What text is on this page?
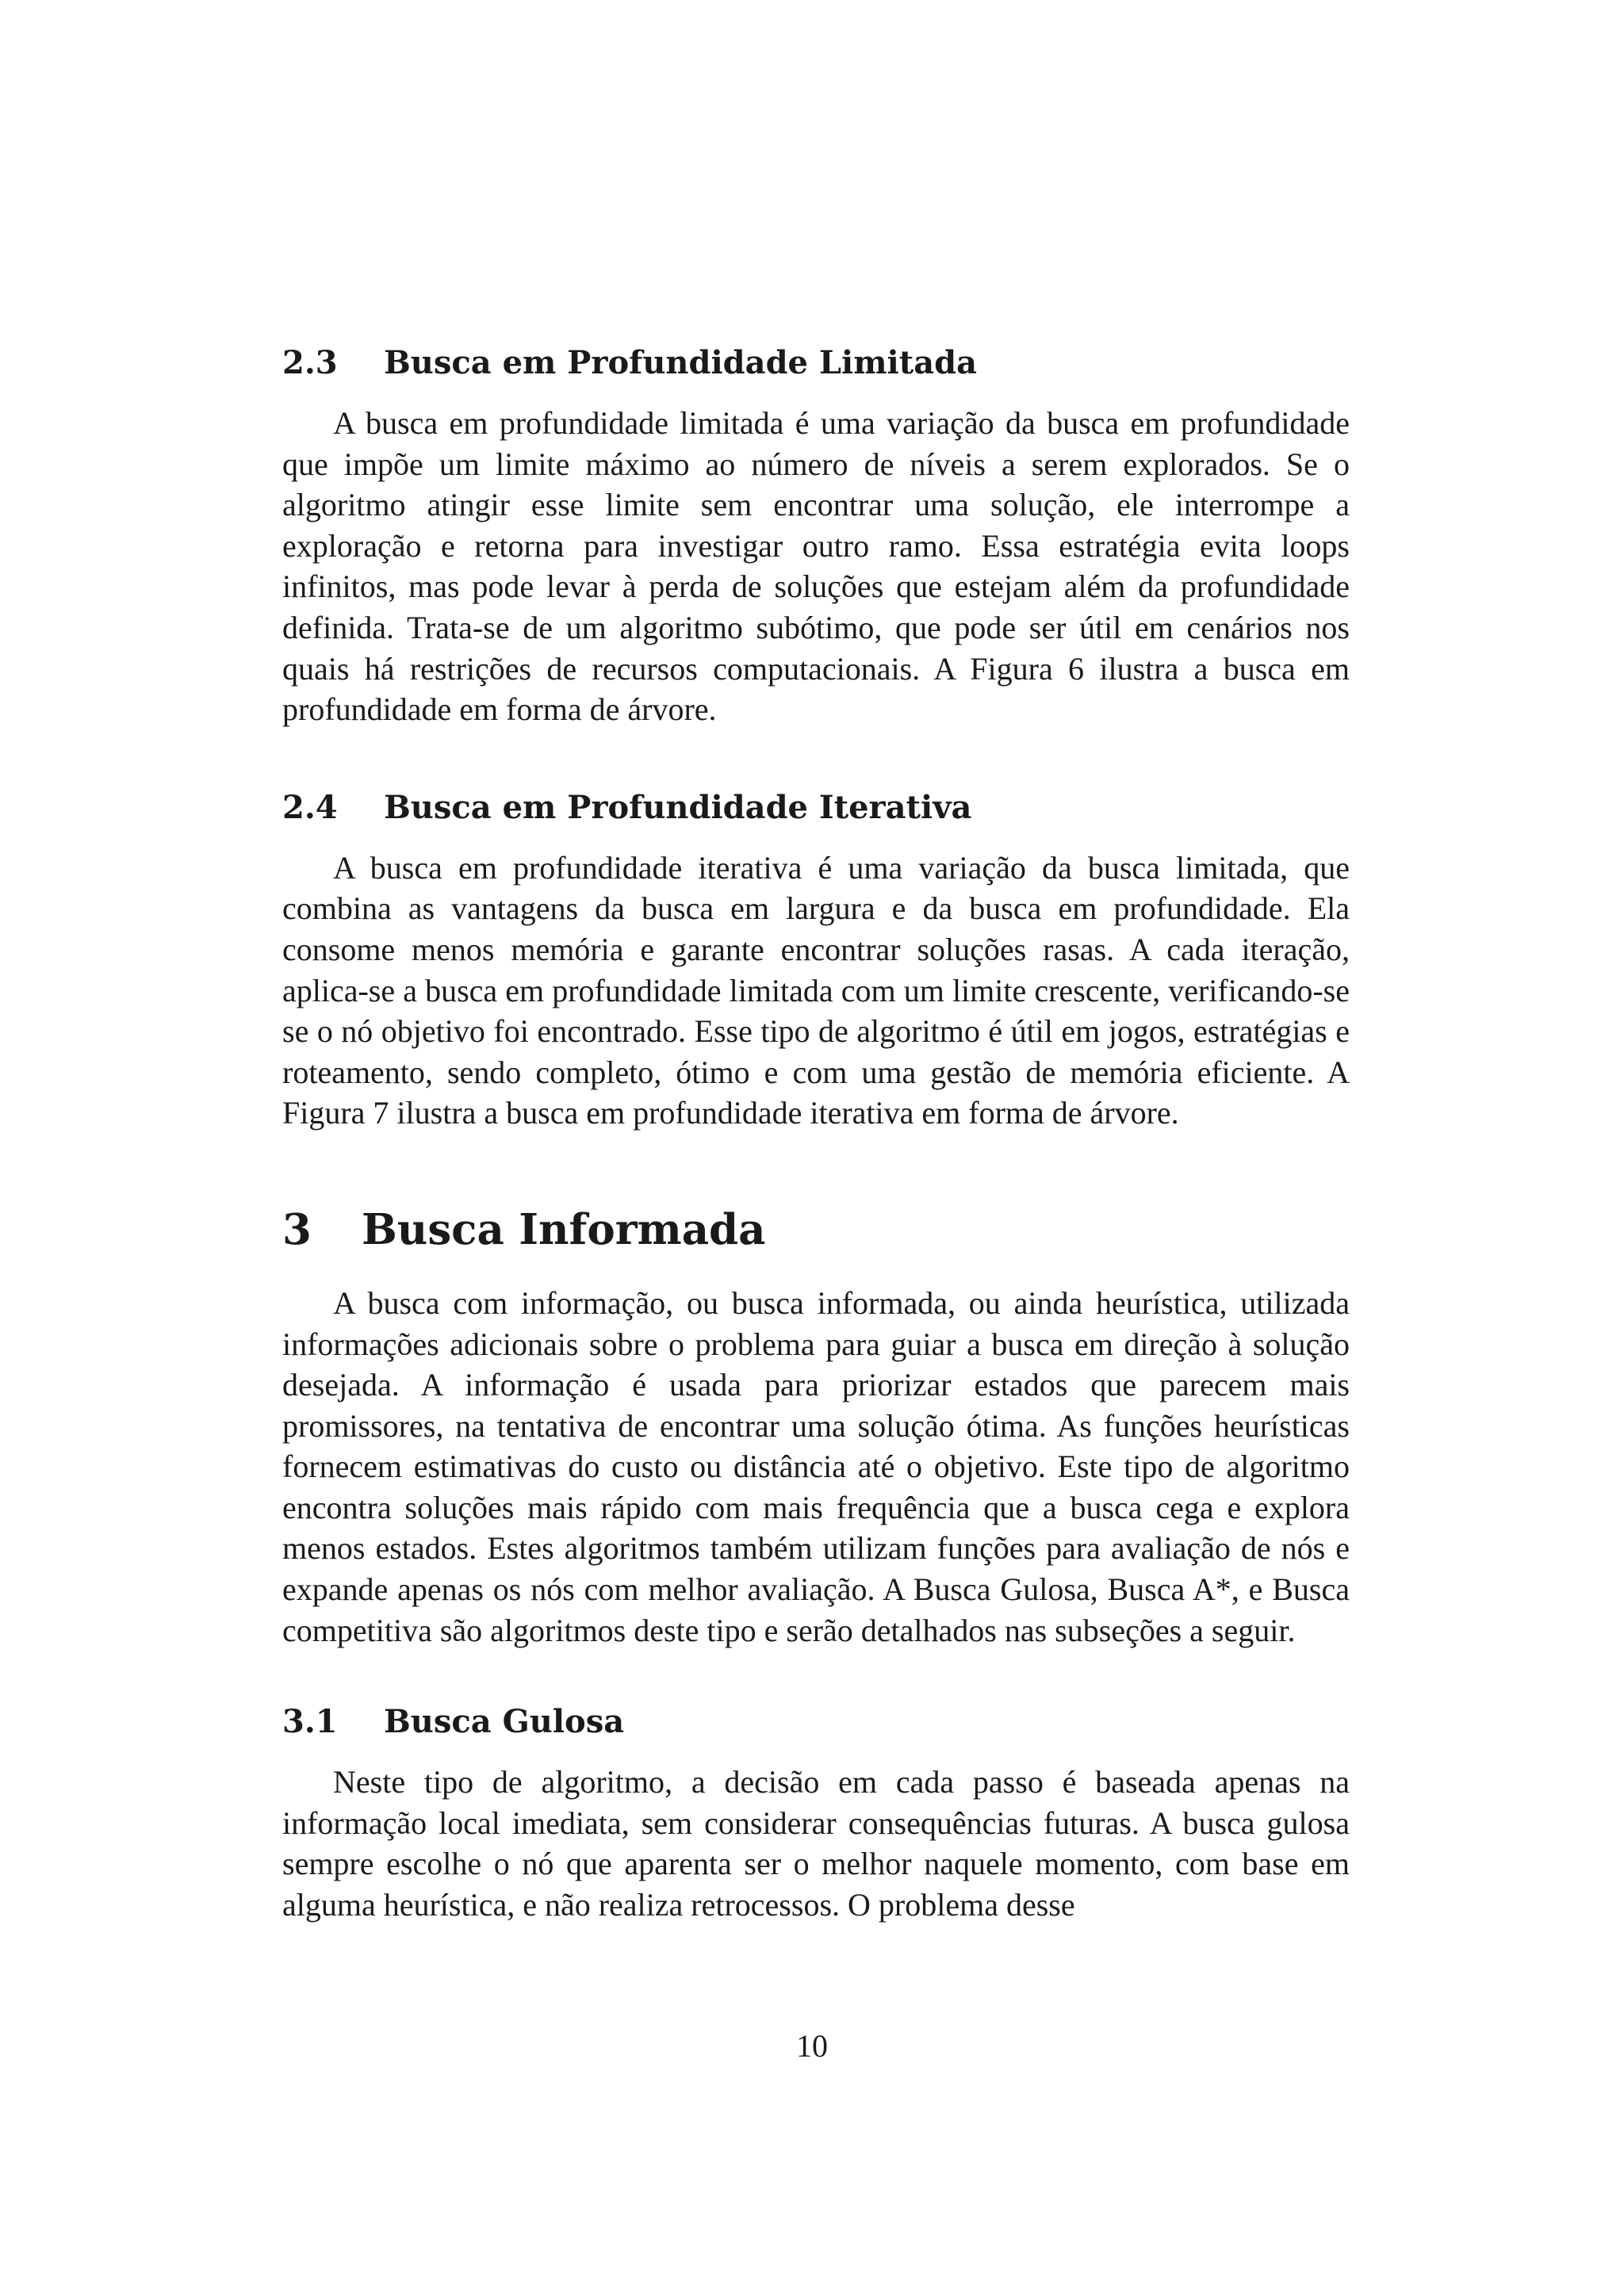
2.3 Busca em Profundidade Limitada

A busca em profundidade limitada é uma variação da busca em profundidade que impõe um limite máximo ao número de níveis a serem explorados. Se o algoritmo atingir esse limite sem encontrar uma solução, ele interrompe a exploração e retorna para investigar outro ramo. Essa estratégia evita loops infinitos, mas pode levar à perda de soluções que estejam além da profundidade definida. Trata-se de um algoritmo subótimo, que pode ser útil em cenários nos quais há restrições de recursos computacionais. A Figura 6 ilustra a busca em profundidade em forma de árvore.

2.4 Busca em Profundidade Iterativa

A busca em profundidade iterativa é uma variação da busca limitada, que combina as vantagens da busca em largura e da busca em profundidade. Ela consome menos memória e garante encontrar soluções rasas. A cada iteração, aplica-se a busca em profundidade limitada com um limite crescente, verificando-se se o nó objetivo foi encontrado. Esse tipo de algoritmo é útil em jogos, estratégias e roteamento, sendo completo, ótimo e com uma gestão de memória eficiente. A Figura 7 ilustra a busca em profundidade iterativa em forma de árvore.

3 Busca Informada

A busca com informação, ou busca informada, ou ainda heurística, utilizada informações adicionais sobre o problema para guiar a busca em direção à solução desejada. A informação é usada para priorizar estados que parecem mais promissores, na tentativa de encontrar uma solução ótima. As funções heurísticas fornecem estimativas do custo ou distância até o objetivo. Este tipo de algoritmo encontra soluções mais rápido com mais frequência que a busca cega e explora menos estados. Estes algoritmos também utilizam funções para avaliação de nós e expande apenas os nós com melhor avaliação. A Busca Gulosa, Busca A*, e Busca competitiva são algoritmos deste tipo e serão detalhados nas subseções a seguir.

3.1 Busca Gulosa

Neste tipo de algoritmo, a decisão em cada passo é baseada apenas na informação local imediata, sem considerar consequências futuras. A busca gulosa sempre escolhe o nó que aparenta ser o melhor naquele momento, com base em alguma heurística, e não realiza retrocessos. O problema desse

10
